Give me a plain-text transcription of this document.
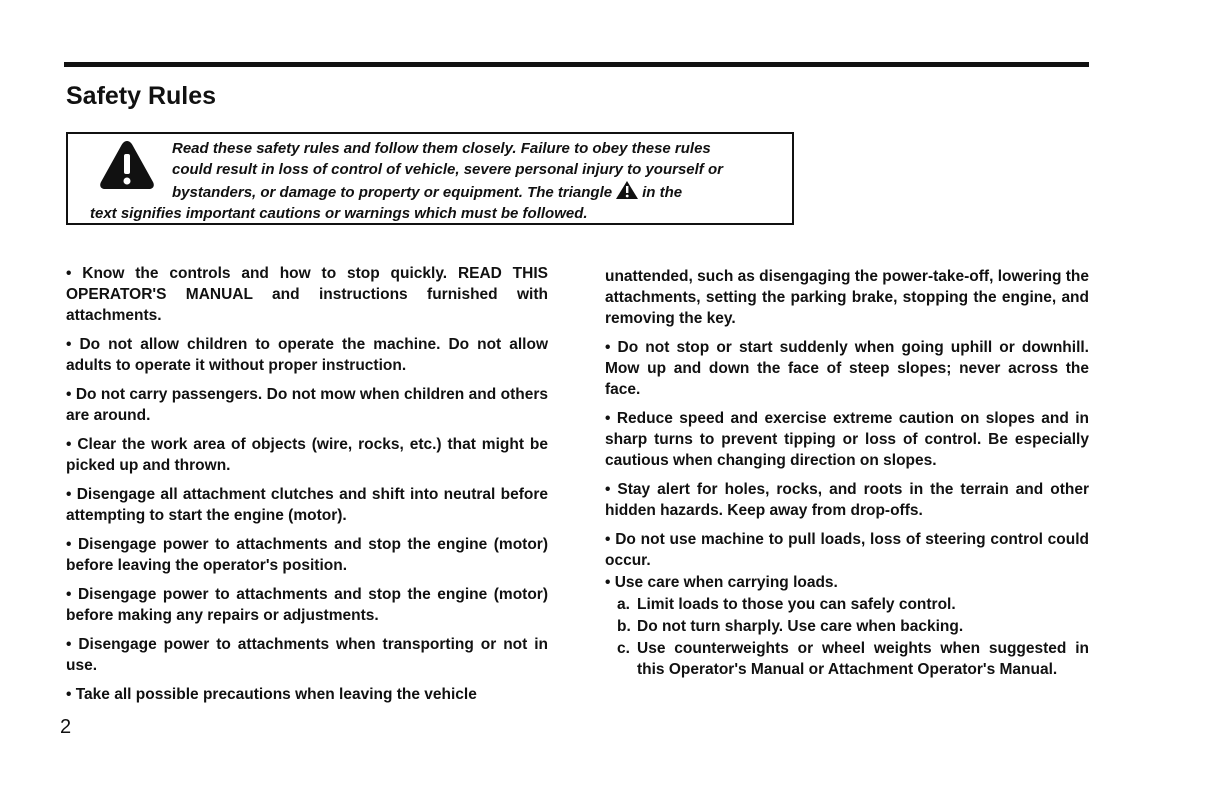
Safety Rules
Read these safety rules and follow them closely. Failure to obey these rules
could result in loss of control of vehicle, severe personal injury to yourself or
bystanders, or damage to property or equipment. The triangle in the
text signifies important cautions or warnings which must be followed.

• Know the controls and how to stop quickly. READ THIS OPERATOR'S MANUAL and instructions furnished with attachments.

• Do not allow children to operate the machine. Do not allow adults to operate it without proper instruction.

• Do not carry passengers. Do not mow when children and others are around.

• Clear the work area of objects (wire, rocks, etc.) that might be picked up and thrown.

• Disengage all attachment clutches and shift into neutral before attempting to start the engine (motor).

• Disengage power to attachments and stop the engine (motor) before leaving the operator's position.

• Disengage power to attachments and stop the engine (motor) before making any repairs or adjustments.

• Disengage power to attachments when transporting or not in use.

• Take all possible precautions when leaving the vehicle

unattended, such as disengaging the power-take-off, lowering the attachments, setting the parking brake, stopping the engine, and removing the key.

• Do not stop or start suddenly when going uphill or downhill. Mow up and down the face of steep slopes; never across the face.

• Reduce speed and exercise extreme caution on slopes and in sharp turns to prevent tipping or loss of control. Be especially cautious when changing direction on slopes.

• Stay alert for holes, rocks, and roots in the terrain and other hidden hazards. Keep away from drop-offs.

• Do not use machine to pull loads, loss of steering control could occur.

• Use care when carrying loads.

a. Limit loads to those you can safely control.
b. Do not turn sharply. Use care when backing.
c. Use counterweights or wheel weights when suggested in this Operator's Manual or Attachment Operator's Manual.
2
